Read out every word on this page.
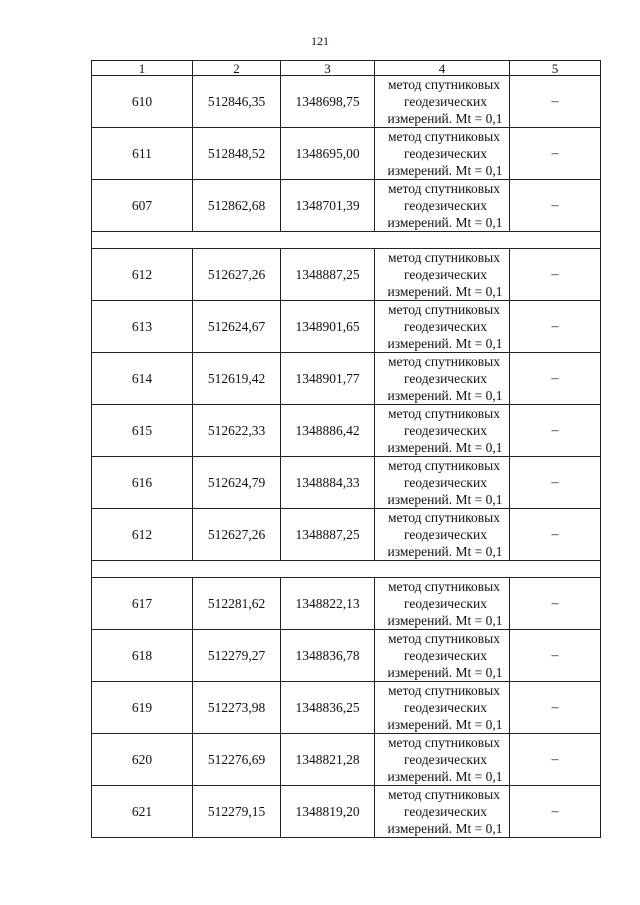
121
1	2	3	4	5
610	512846,35	1348698,75	метод спутниковых
геодезических
измерений. Mt = 0,1	–
611	512848,52	1348695,00	метод спутниковых
геодезических
измерений. Mt = 0,1	–
607	512862,68	1348701,39	метод спутниковых
геодезических
измерений. Mt = 0,1	–

612	512627,26	1348887,25	метод спутниковых
геодезических
измерений. Mt = 0,1	–
613	512624,67	1348901,65	метод спутниковых
геодезических
измерений. Mt = 0,1	–
614	512619,42	1348901,77	метод спутниковых
геодезических
измерений. Mt = 0,1	–
615	512622,33	1348886,42	метод спутниковых
геодезических
измерений. Mt = 0,1	–
616	512624,79	1348884,33	метод спутниковых
геодезических
измерений. Mt = 0,1	–
612	512627,26	1348887,25	метод спутниковых
геодезических
измерений. Mt = 0,1	–

617	512281,62	1348822,13	метод спутниковых
геодезических
измерений. Mt = 0,1	–
618	512279,27	1348836,78	метод спутниковых
геодезических
измерений. Mt = 0,1	–
619	512273,98	1348836,25	метод спутниковых
геодезических
измерений. Mt = 0,1	–
620	512276,69	1348821,28	метод спутниковых
геодезических
измерений. Mt = 0,1	–
621	512279,15	1348819,20	метод спутниковых
геодезических
измерений. Mt = 0,1	–
